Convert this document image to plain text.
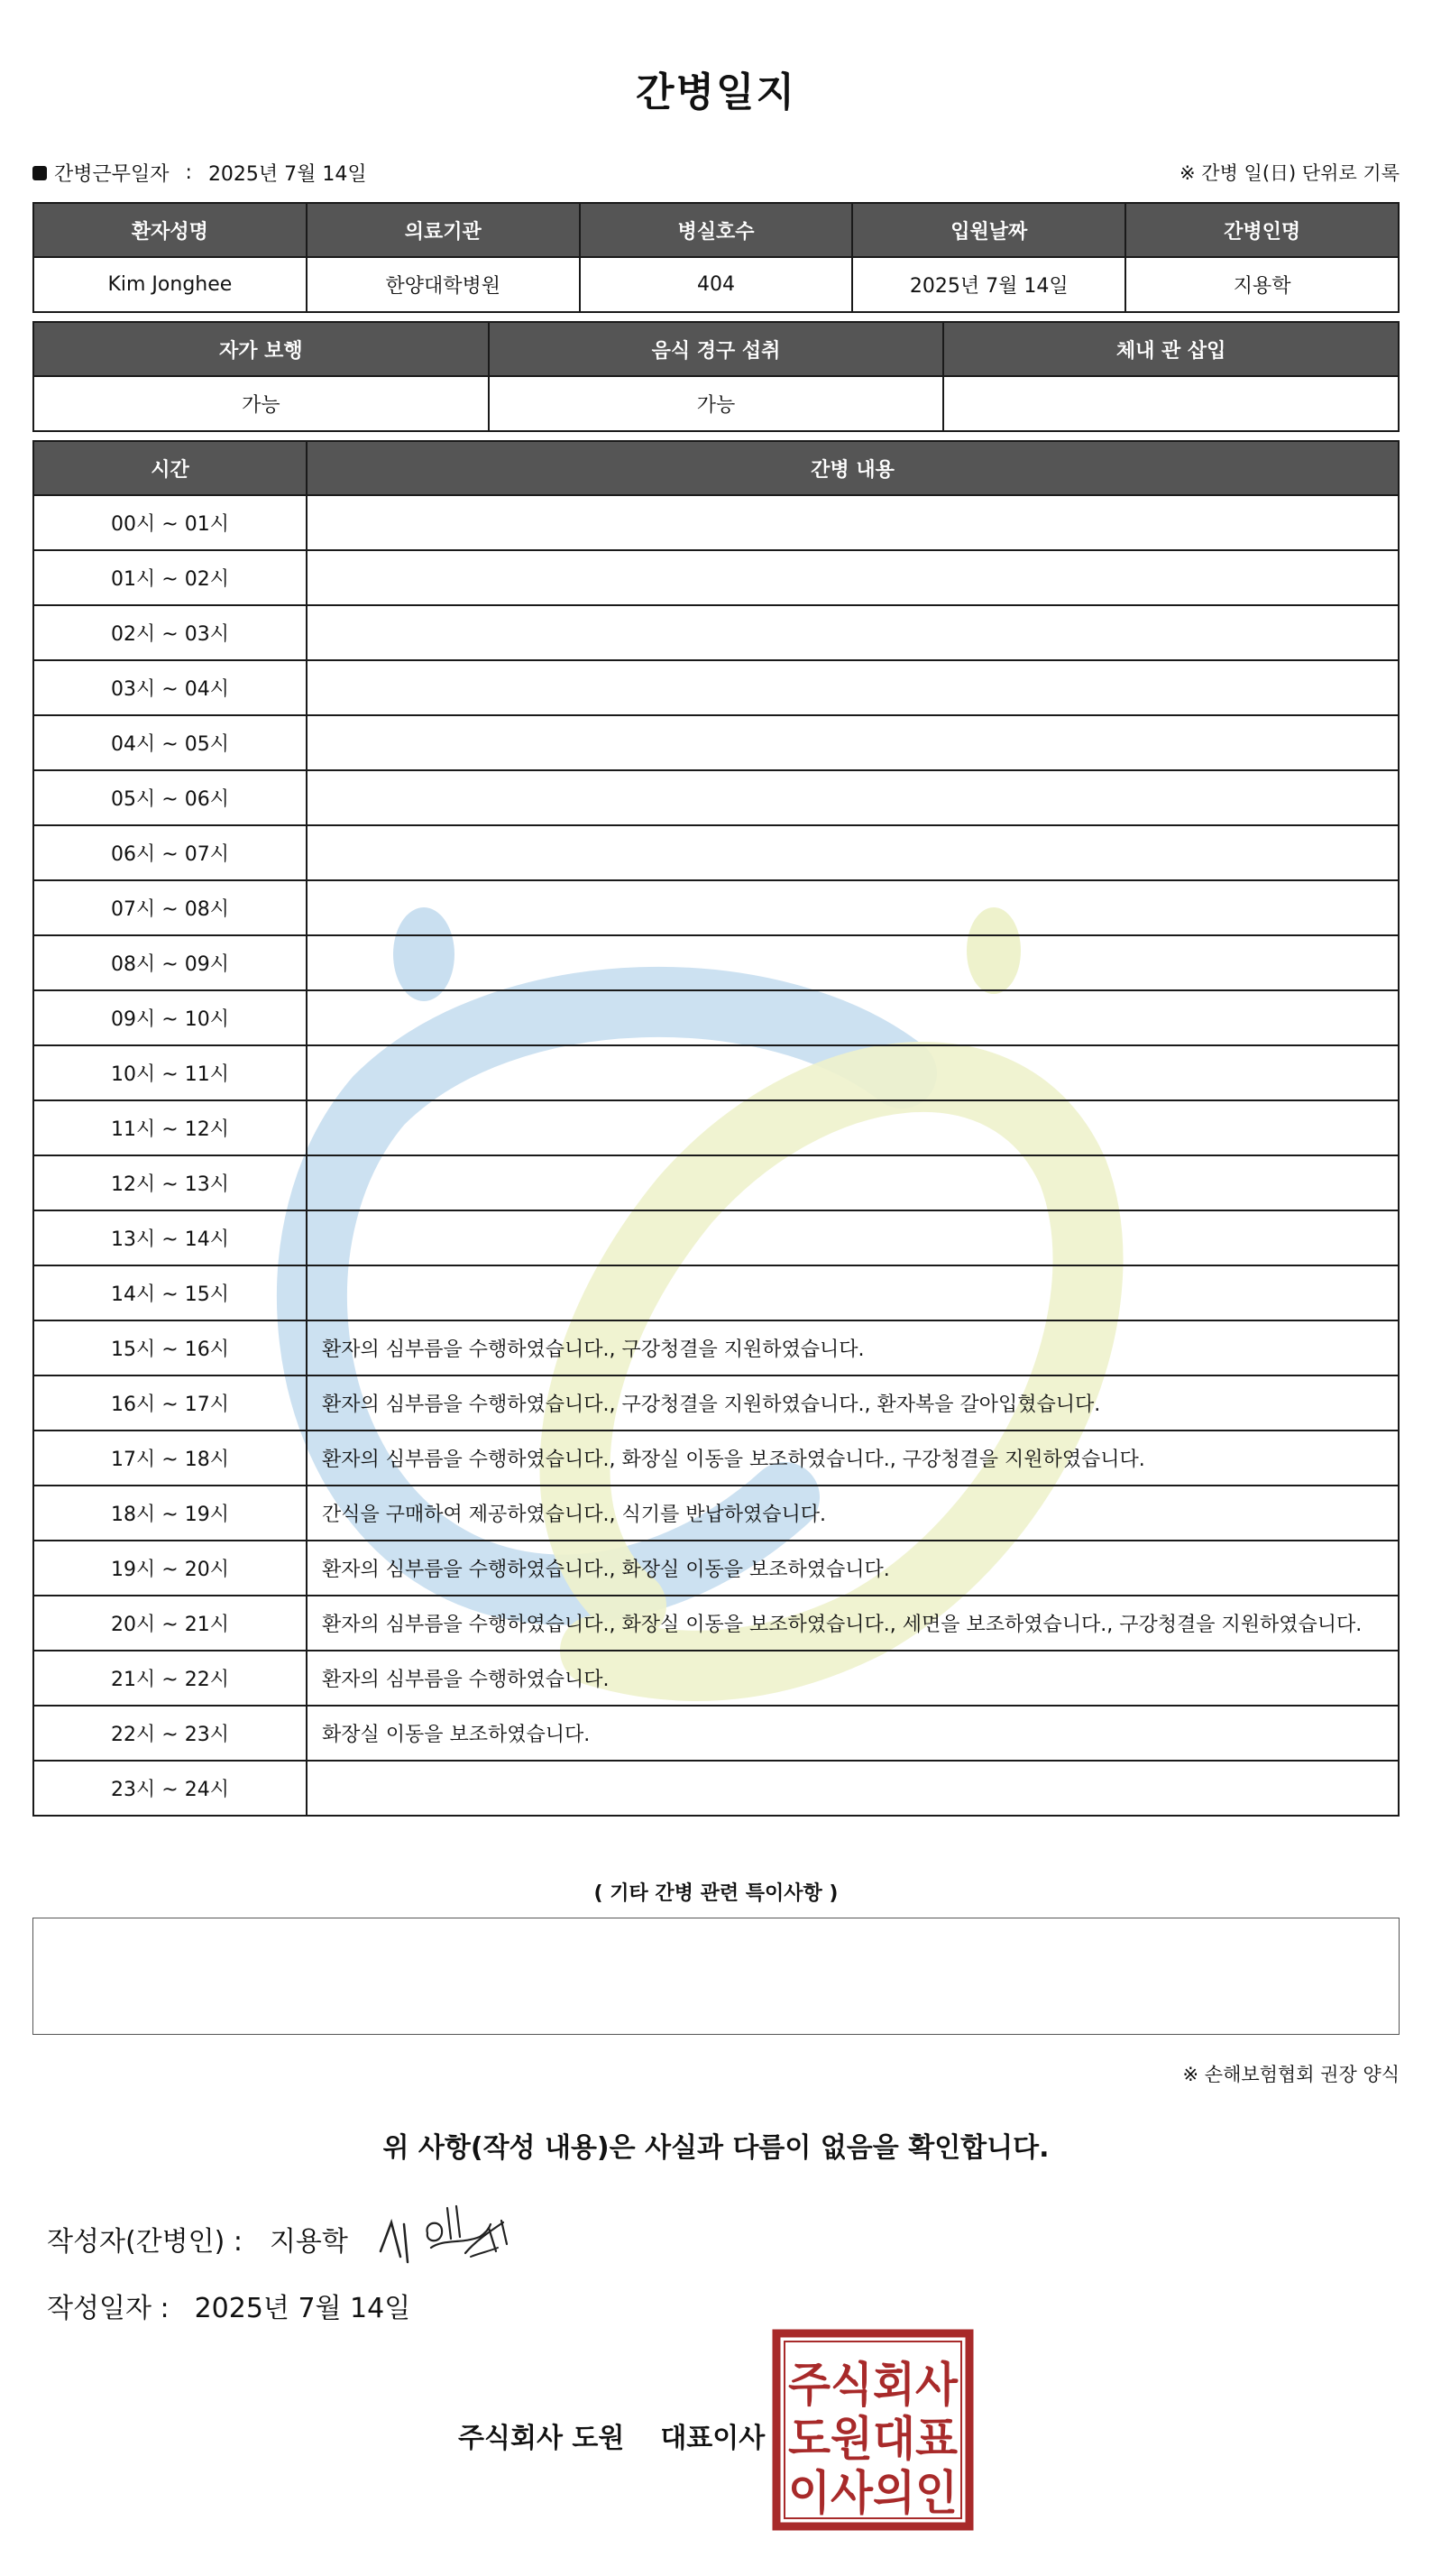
간병일지
간병근무일자 : 2025년 7월 14일	※ 간병 일(日) 단위로 기록
환자성명	의료기관	병실호수	입원날짜	간병인명
Kim Jonghee	한양대학병원	404	2025년 7월 14일	지용학
자가 보행	음식 경구 섭취	체내 관 삽입
가능	가능	
시간	간병 내용
00시 ~ 01시	
01시 ~ 02시	
02시 ~ 03시	
03시 ~ 04시	
04시 ~ 05시	
05시 ~ 06시	
06시 ~ 07시	
07시 ~ 08시	
08시 ~ 09시	
09시 ~ 10시	
10시 ~ 11시	
11시 ~ 12시	
12시 ~ 13시	
13시 ~ 14시	
14시 ~ 15시	
15시 ~ 16시	환자의 심부름을 수행하였습니다., 구강청결을 지원하였습니다.
16시 ~ 17시	환자의 심부름을 수행하였습니다., 구강청결을 지원하였습니다., 환자복을 갈아입혔습니다.
17시 ~ 18시	환자의 심부름을 수행하였습니다., 화장실 이동을 보조하였습니다., 구강청결을 지원하였습니다.
18시 ~ 19시	간식을 구매하여 제공하였습니다., 식기를 반납하였습니다.
19시 ~ 20시	환자의 심부름을 수행하였습니다., 화장실 이동을 보조하였습니다.
20시 ~ 21시	환자의 심부름을 수행하였습니다., 화장실 이동을 보조하였습니다., 세면을 보조하였습니다., 구강청결을 지원하였습니다.
21시 ~ 22시	환자의 심부름을 수행하였습니다.
22시 ~ 23시	화장실 이동을 보조하였습니다.
23시 ~ 24시	
( 기타 간병 관련 특이사항 )
※ 손해보험협회 권장 양식
위 사항(작성 내용)은 사실과 다름이 없음을 확인합니다.
작성자(간병인) : 지용학
작성일자 : 2025년 7월 14일
주식회사 도원 대표이사
주식회사
도원대표
이사의인
